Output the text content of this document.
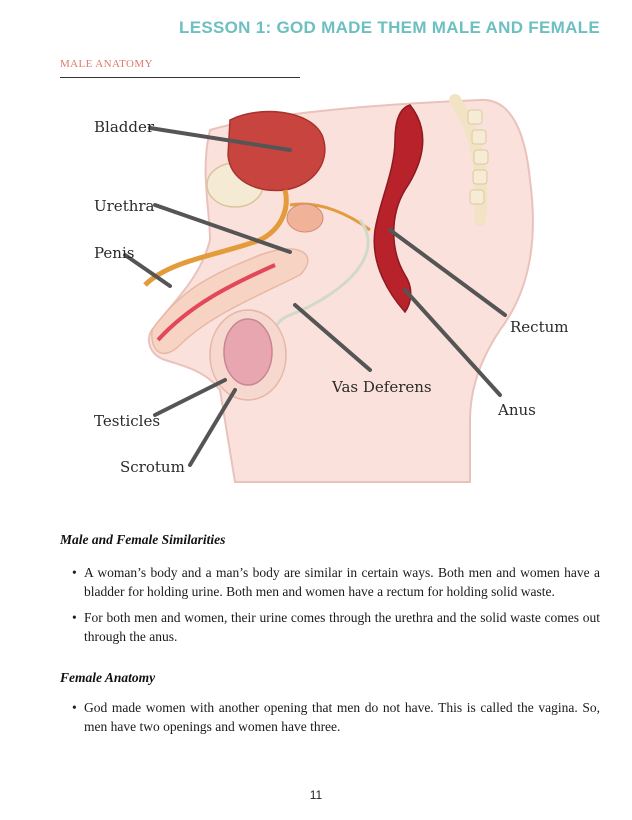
LESSON 1: GOD MADE THEM MALE AND FEMALE
MALE ANATOMY
Bladder
Urethra
Penis
Testicles
Scrotum
Vas Deferens
Rectum
Anus
Male and Female Similarities
• A woman’s body and a man’s body are similar in certain ways. Both men and women have a bladder for holding urine. Both men and women have a rectum for holding solid waste.
• For both men and women, their urine comes through the urethra and the solid waste comes out through the anus.
Female Anatomy
• God made women with another opening that men do not have. This is called the vagina. So, men have two openings and women have three.
11
